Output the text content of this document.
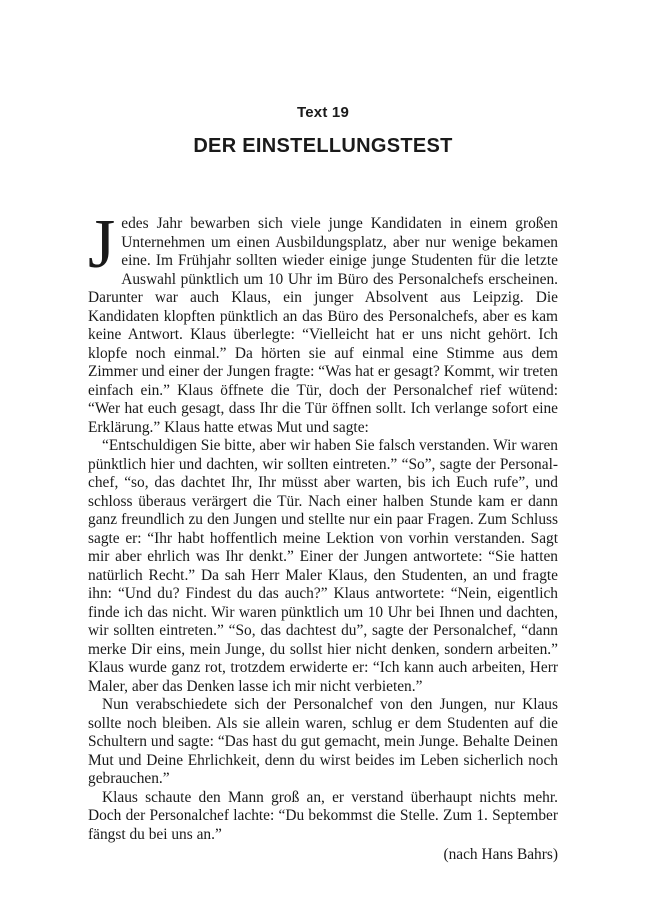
Text 19
DER EINSTELLUNGSTEST

Jedes Jahr bewarben sich viele junge Kandidaten in einem großen Unternehmen um einen Ausbildungsplatz, aber nur wenige bekamen eine. Im Frühjahr sollten wieder einige junge Studenten für die letzte Auswahl pünktlich um 10 Uhr im Büro des Personalchefs erscheinen. Darunter war auch Klaus, ein junger Absolvent aus Leipzig. Die Kandidaten klopften pünktlich an das Büro des Personalchefs, aber es kam keine Antwort. Klaus überlegte: “Vielleicht hat er uns nicht gehört. Ich klopfe noch einmal.” Da hörten sie auf einmal eine Stimme aus dem Zimmer und einer der Jungen fragte: “Was hat er gesagt? Kommt, wir treten einfach ein.” Klaus öffnete die Tür, doch der Personalchef rief wütend: “Wer hat euch gesagt, dass Ihr die Tür öffnen sollt. Ich verlange sofort eine Erklärung.” Klaus hatte etwas Mut und sagte:

“Entschuldigen Sie bitte, aber wir haben Sie falsch verstanden. Wir waren pünktlich hier und dachten, wir sollten eintreten.” “So”, sagte der Personalchef, “so, das dachtet Ihr, Ihr müsst aber warten, bis ich Euch rufe”, und schloss überaus verärgert die Tür. Nach einer halben Stunde kam er dann ganz freundlich zu den Jungen und stellte nur ein paar Fragen. Zum Schluss sagte er: “Ihr habt hoffentlich meine Lektion von vorhin verstanden. Sagt mir aber ehrlich was Ihr denkt.” Einer der Jungen antwortete: “Sie hatten natürlich Recht.” Da sah Herr Maler Klaus, den Studenten, an und fragte ihn: “Und du? Findest du das auch?” Klaus antwortete: “Nein, eigentlich finde ich das nicht. Wir waren pünktlich um 10 Uhr bei Ihnen und dachten, wir sollten eintreten.” “So, das dachtest du”, sagte der Personalchef, “dann merke Dir eins, mein Junge, du sollst hier nicht denken, sondern arbeiten.” Klaus wurde ganz rot, trotzdem erwiderte er: “Ich kann auch arbeiten, Herr Maler, aber das Denken lasse ich mir nicht verbieten.”

Nun verabschiedete sich der Personalchef von den Jungen, nur Klaus sollte noch bleiben. Als sie allein waren, schlug er dem Studenten auf die Schultern und sagte: “Das hast du gut gemacht, mein Junge. Behalte Deinen Mut und Deine Ehrlichkeit, denn du wirst beides im Leben sicherlich noch gebrauchen.”

Klaus schaute den Mann groß an, er verstand überhaupt nichts mehr. Doch der Personalchef lachte: “Du bekommst die Stelle. Zum 1. September fängst du bei uns an.”

(nach Hans Bahrs)
